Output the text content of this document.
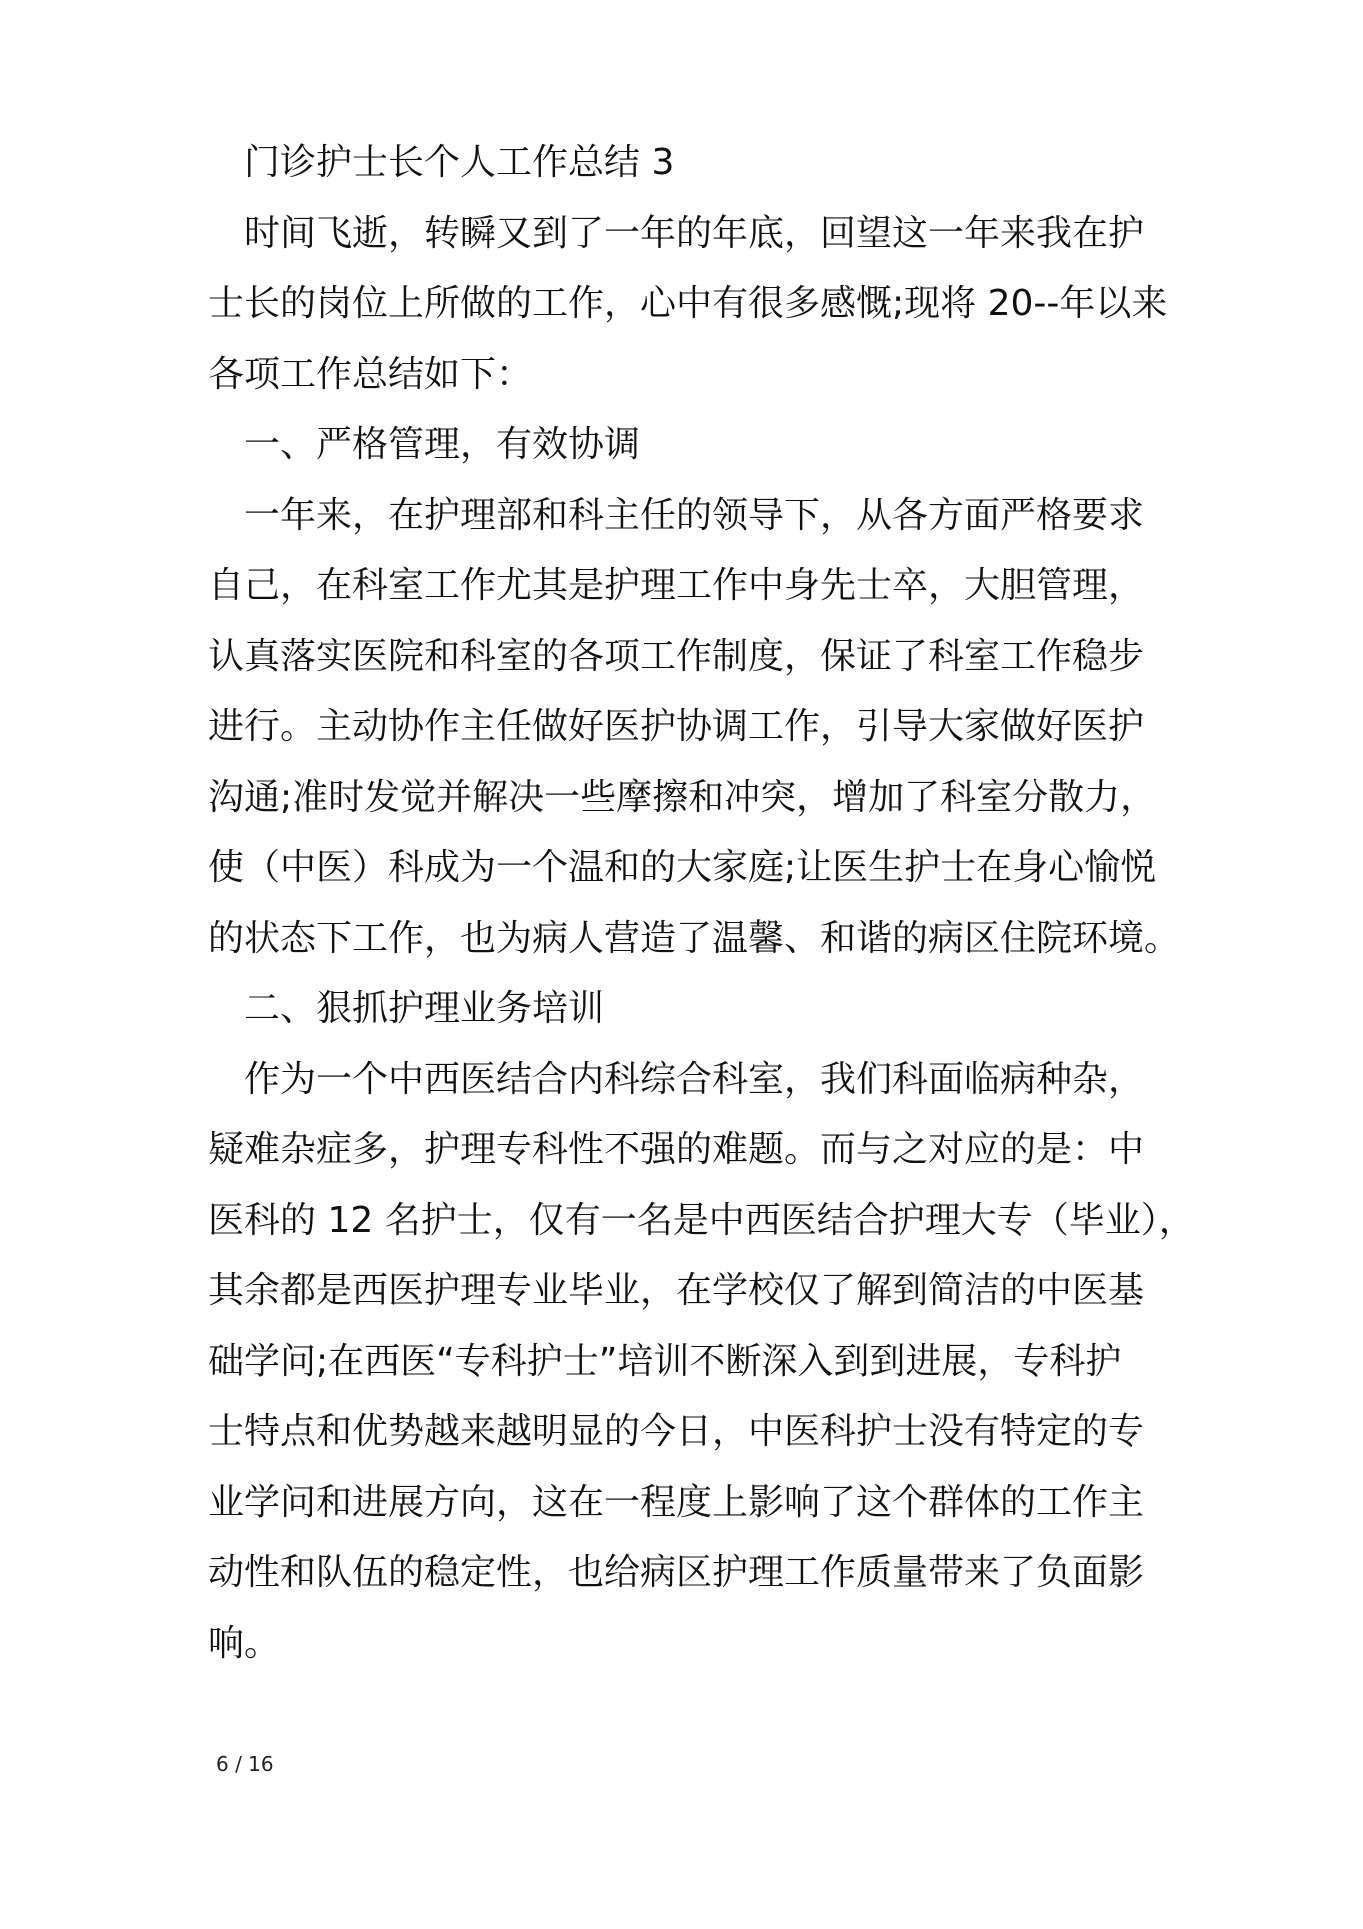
　门诊护士长个人工作总结 3
　时间飞逝，转瞬又到了一年的年底，回望这一年来我在护
士长的岗位上所做的工作，心中有很多感慨;现将 20--年以来
各项工作总结如下：
　一、严格管理，有效协调
　一年来，在护理部和科主任的领导下，从各方面严格要求
自己，在科室工作尤其是护理工作中身先士卒，大胆管理，
认真落实医院和科室的各项工作制度，保证了科室工作稳步
进行。主动协作主任做好医护协调工作，引导大家做好医护
沟通;准时发觉并解决一些摩擦和冲突，增加了科室分散力，
使（中医）科成为一个温和的大家庭;让医生护士在身心愉悦
的状态下工作，也为病人营造了温馨、和谐的病区住院环境。
　二、狠抓护理业务培训
　作为一个中西医结合内科综合科室，我们科面临病种杂，
疑难杂症多，护理专科性不强的难题。而与之对应的是：中
医科的 12 名护士，仅有一名是中西医结合护理大专（毕业），
其余都是西医护理专业毕业，在学校仅了解到简洁的中医基
础学问;在西医“专科护士”培训不断深入到到进展，专科护
士特点和优势越来越明显的今日，中医科护士没有特定的专
业学问和进展方向，这在一程度上影响了这个群体的工作主
动性和队伍的稳定性，也给病区护理工作质量带来了负面影
响。
6 / 16
